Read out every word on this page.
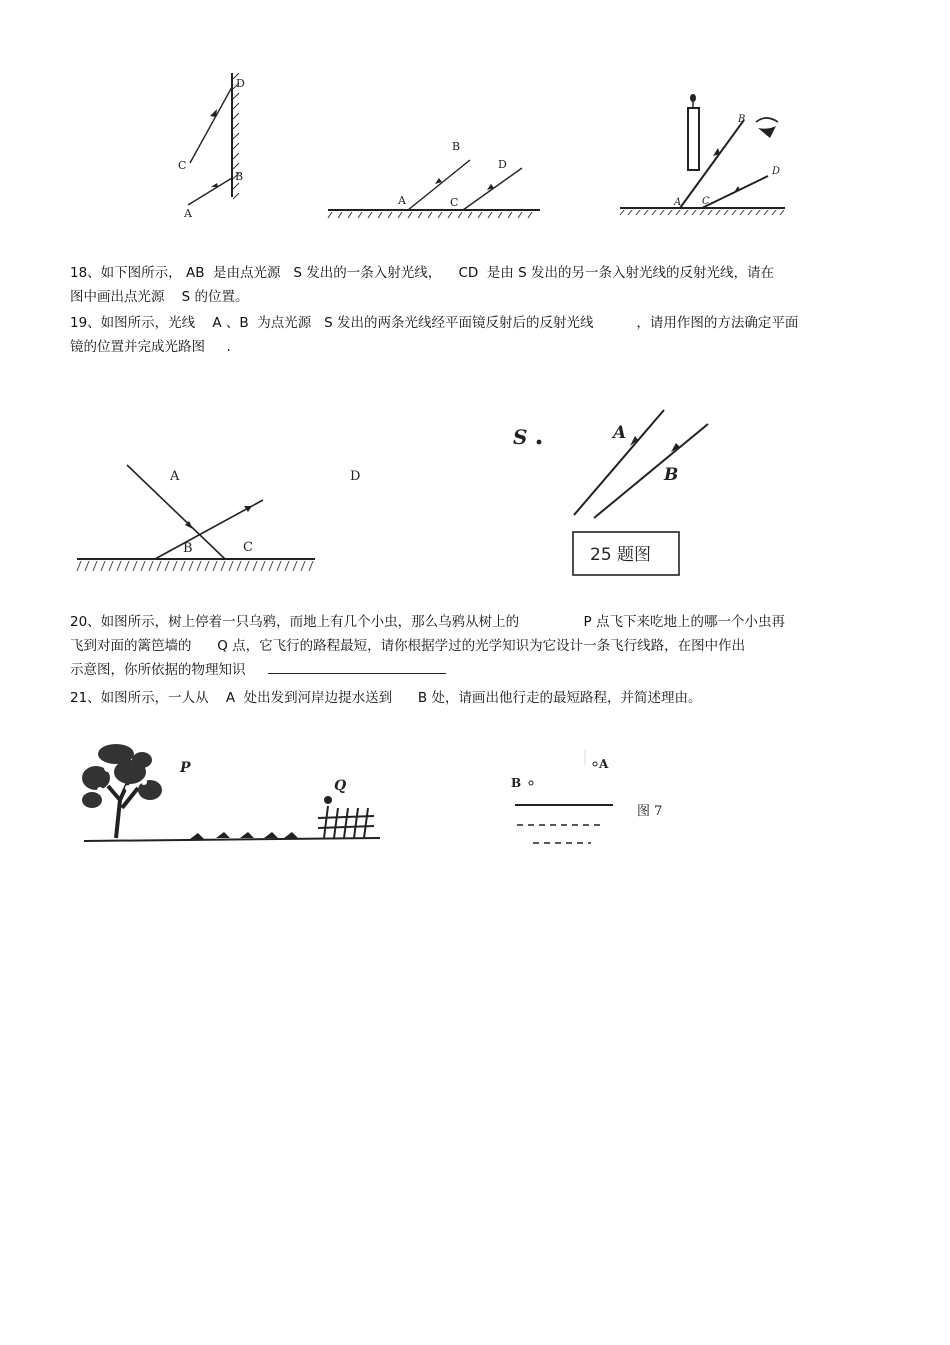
D
C
B
A
B
D
A	C
B
D
A C
18、如下图所示， AB  是由点光源   S 发出的一条入射光线，    CD  是由 S 发出的另一条入射光线的反射光线，请在
图中画出点光源    S 的位置。
19、如图所示，光线    A 、B  为点光源   S 发出的两条光线经平面镜反射后的反射光线          ，请用作图的方法确定平面
镜的位置并完成光路图     .
A	D
B	C
S	A
B
25 题图
20、如图所示，树上停着一只乌鸦，而地上有几个小虫，那么乌鸦从树上的               P 点飞下来吃地上的哪一个小虫再
飞到对面的篱笆墙的      Q 点，它飞行的路程最短，请你根据学过的光学知识为它设计一条飞行线路，在图中作出
示意图，你所依据的物理知识
21、如图所示，一人从    A  处出发到河岸边提水送到      B 处，请画出他行走的最短路程，并简述理由。
P
Q
A
B
图 7
